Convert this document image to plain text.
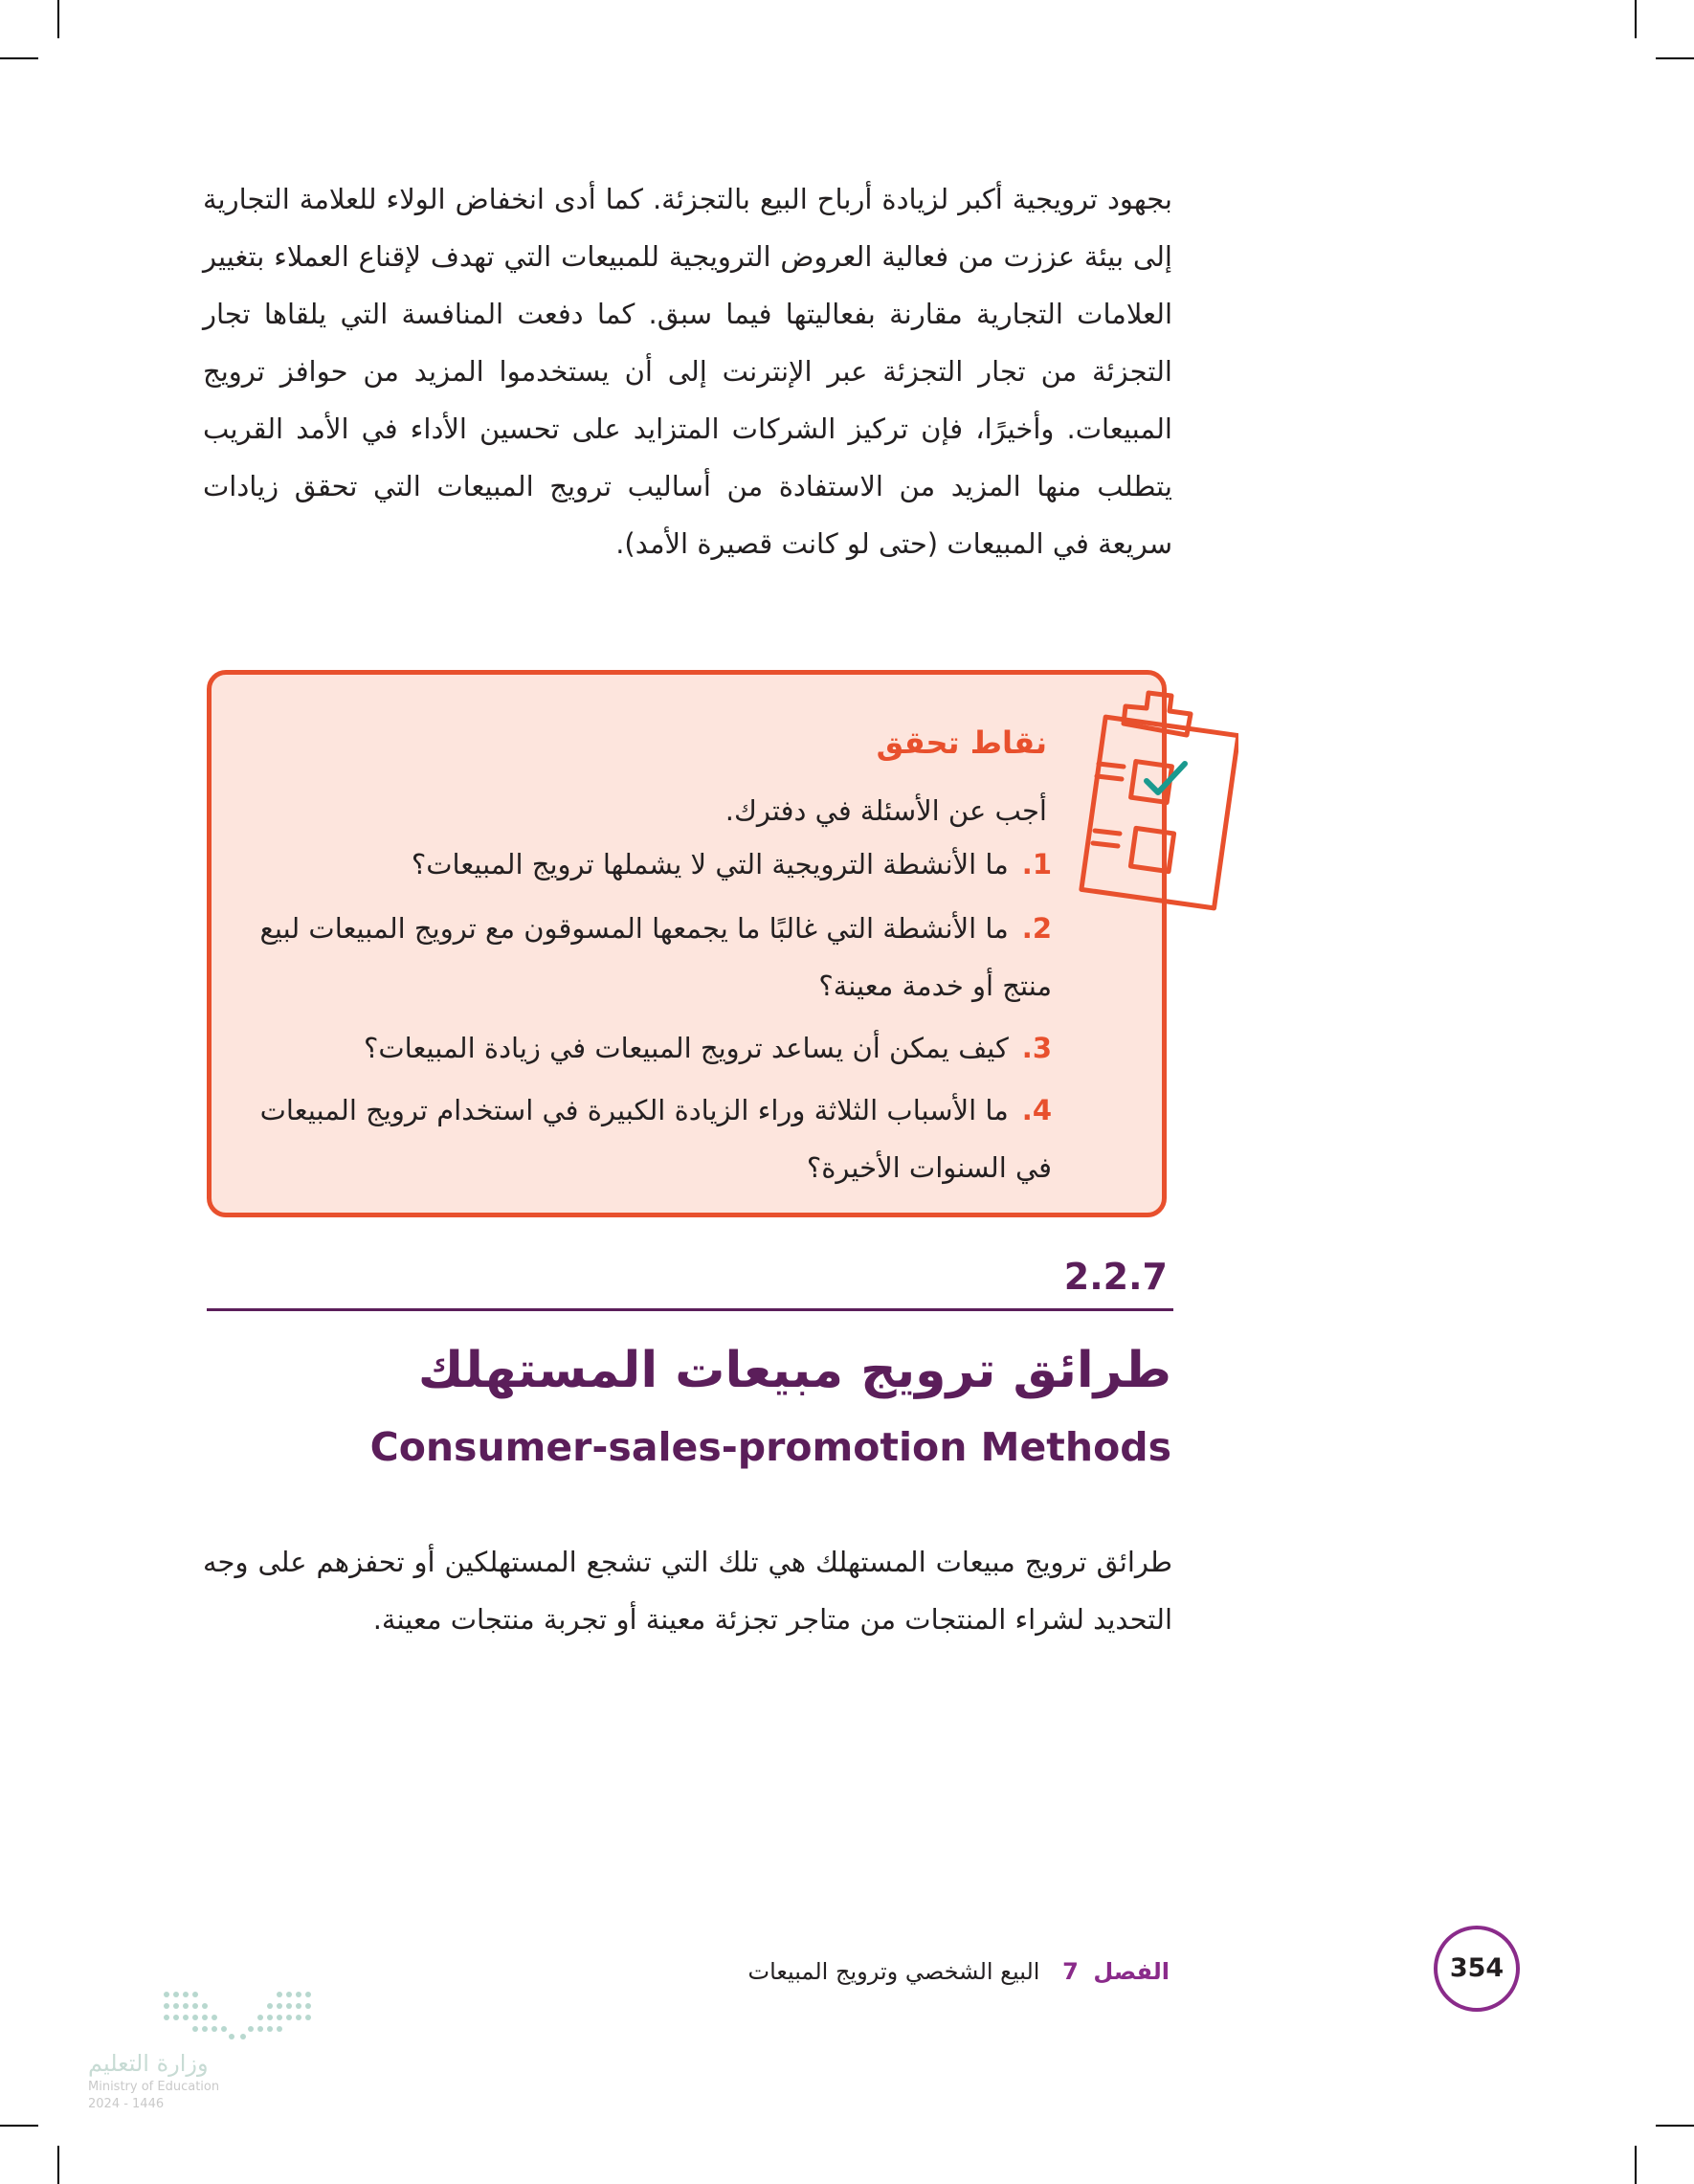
بجهود ترويجية أكبر لزيادة أرباح البيع بالتجزئة. كما أدى انخفاض الولاء للعلامة التجارية إلى بيئة عززت من فعالية العروض الترويجية للمبيعات التي تهدف لإقناع العملاء بتغيير العلامات التجارية مقارنة بفعاليتها فيما سبق. كما دفعت المنافسة التي يلقاها تجار التجزئة من تجار التجزئة عبر الإنترنت إلى أن يستخدموا المزيد من حوافز ترويج المبيعات. وأخيرًا، فإن تركيز الشركات المتزايد على تحسين الأداء في الأمد القريب يتطلب منها المزيد من الاستفادة من أساليب ترويج المبيعات التي تحقق زيادات سريعة في المبيعات (حتى لو كانت قصيرة الأمد).

نقاط تحقق
أجب عن الأسئلة في دفترك.
1.ما الأنشطة الترويجية التي لا يشملها ترويج المبيعات؟
2.ما الأنشطة التي غالبًا ما يجمعها المسوقون مع ترويج المبيعات لبيع منتج أو خدمة معينة؟
3.كيف يمكن أن يساعد ترويج المبيعات في زيادة المبيعات؟
4.ما الأسباب الثلاثة وراء الزيادة الكبيرة في استخدام ترويج المبيعات في السنوات الأخيرة؟
2.2.7
طرائق ترويج مبيعات المستهلك
Consumer-sales-promotion Methods

طرائق ترويج مبيعات المستهلك هي تلك التي تشجع المستهلكين أو تحفزهم على وجه التحديد لشراء المنتجات من متاجر تجزئة معينة أو تجربة منتجات معينة.

354
الفصل 7 البيع الشخصي وترويج المبيعات
وزارة التعليم
Ministry of Education
2024 - 1446
